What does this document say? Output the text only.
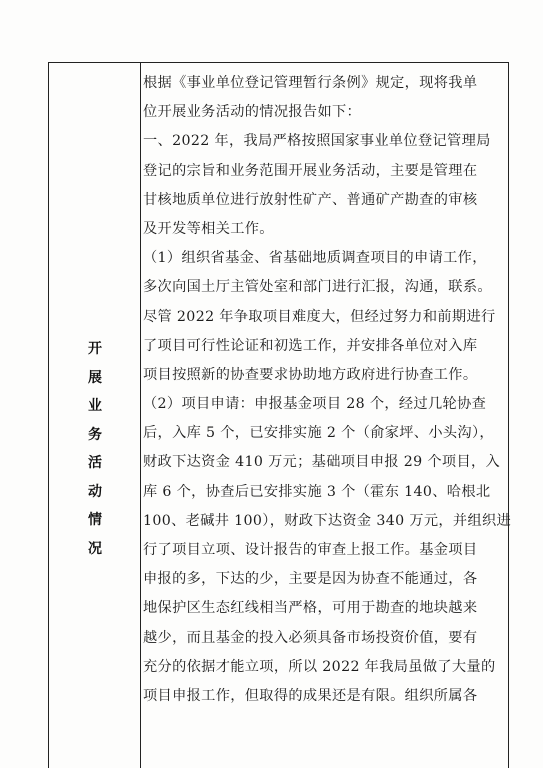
开
展
业
务
活
动
情
况
根据《事业单位登记管理暂行条例》规定，现将我单
位开展业务活动的情况报告如下：
一、2022 年，我局严格按照国家事业单位登记管理局
登记的宗旨和业务范围开展业务活动，主要是管理在
甘核地质单位进行放射性矿产、普通矿产勘查的审核
及开发等相关工作。
（1）组织省基金、省基础地质调查项目的申请工作，
多次向国土厅主管处室和部门进行汇报，沟通，联系。
尽管 2022 年争取项目难度大，但经过努力和前期进行
了项目可行性论证和初选工作，并安排各单位对入库
项目按照新的协查要求协助地方政府进行协查工作。
（2）项目申请：申报基金项目 28 个，经过几轮协查
后，入库 5 个，已安排实施 2 个（俞家坪、小头沟），
财政下达资金 410 万元；基础项目申报 29 个项目，入
库 6 个，协查后已安排实施 3 个（霍东 140、哈根北
100、老碱井 100），财政下达资金 340 万元，并组织进
行了项目立项、设计报告的审查上报工作。基金项目
申报的多，下达的少，主要是因为协查不能通过，各
地保护区生态红线相当严格，可用于勘查的地块越来
越少，而且基金的投入必须具备市场投资价值，要有
充分的依据才能立项，所以 2022 年我局虽做了大量的
项目申报工作，但取得的成果还是有限。组织所属各
